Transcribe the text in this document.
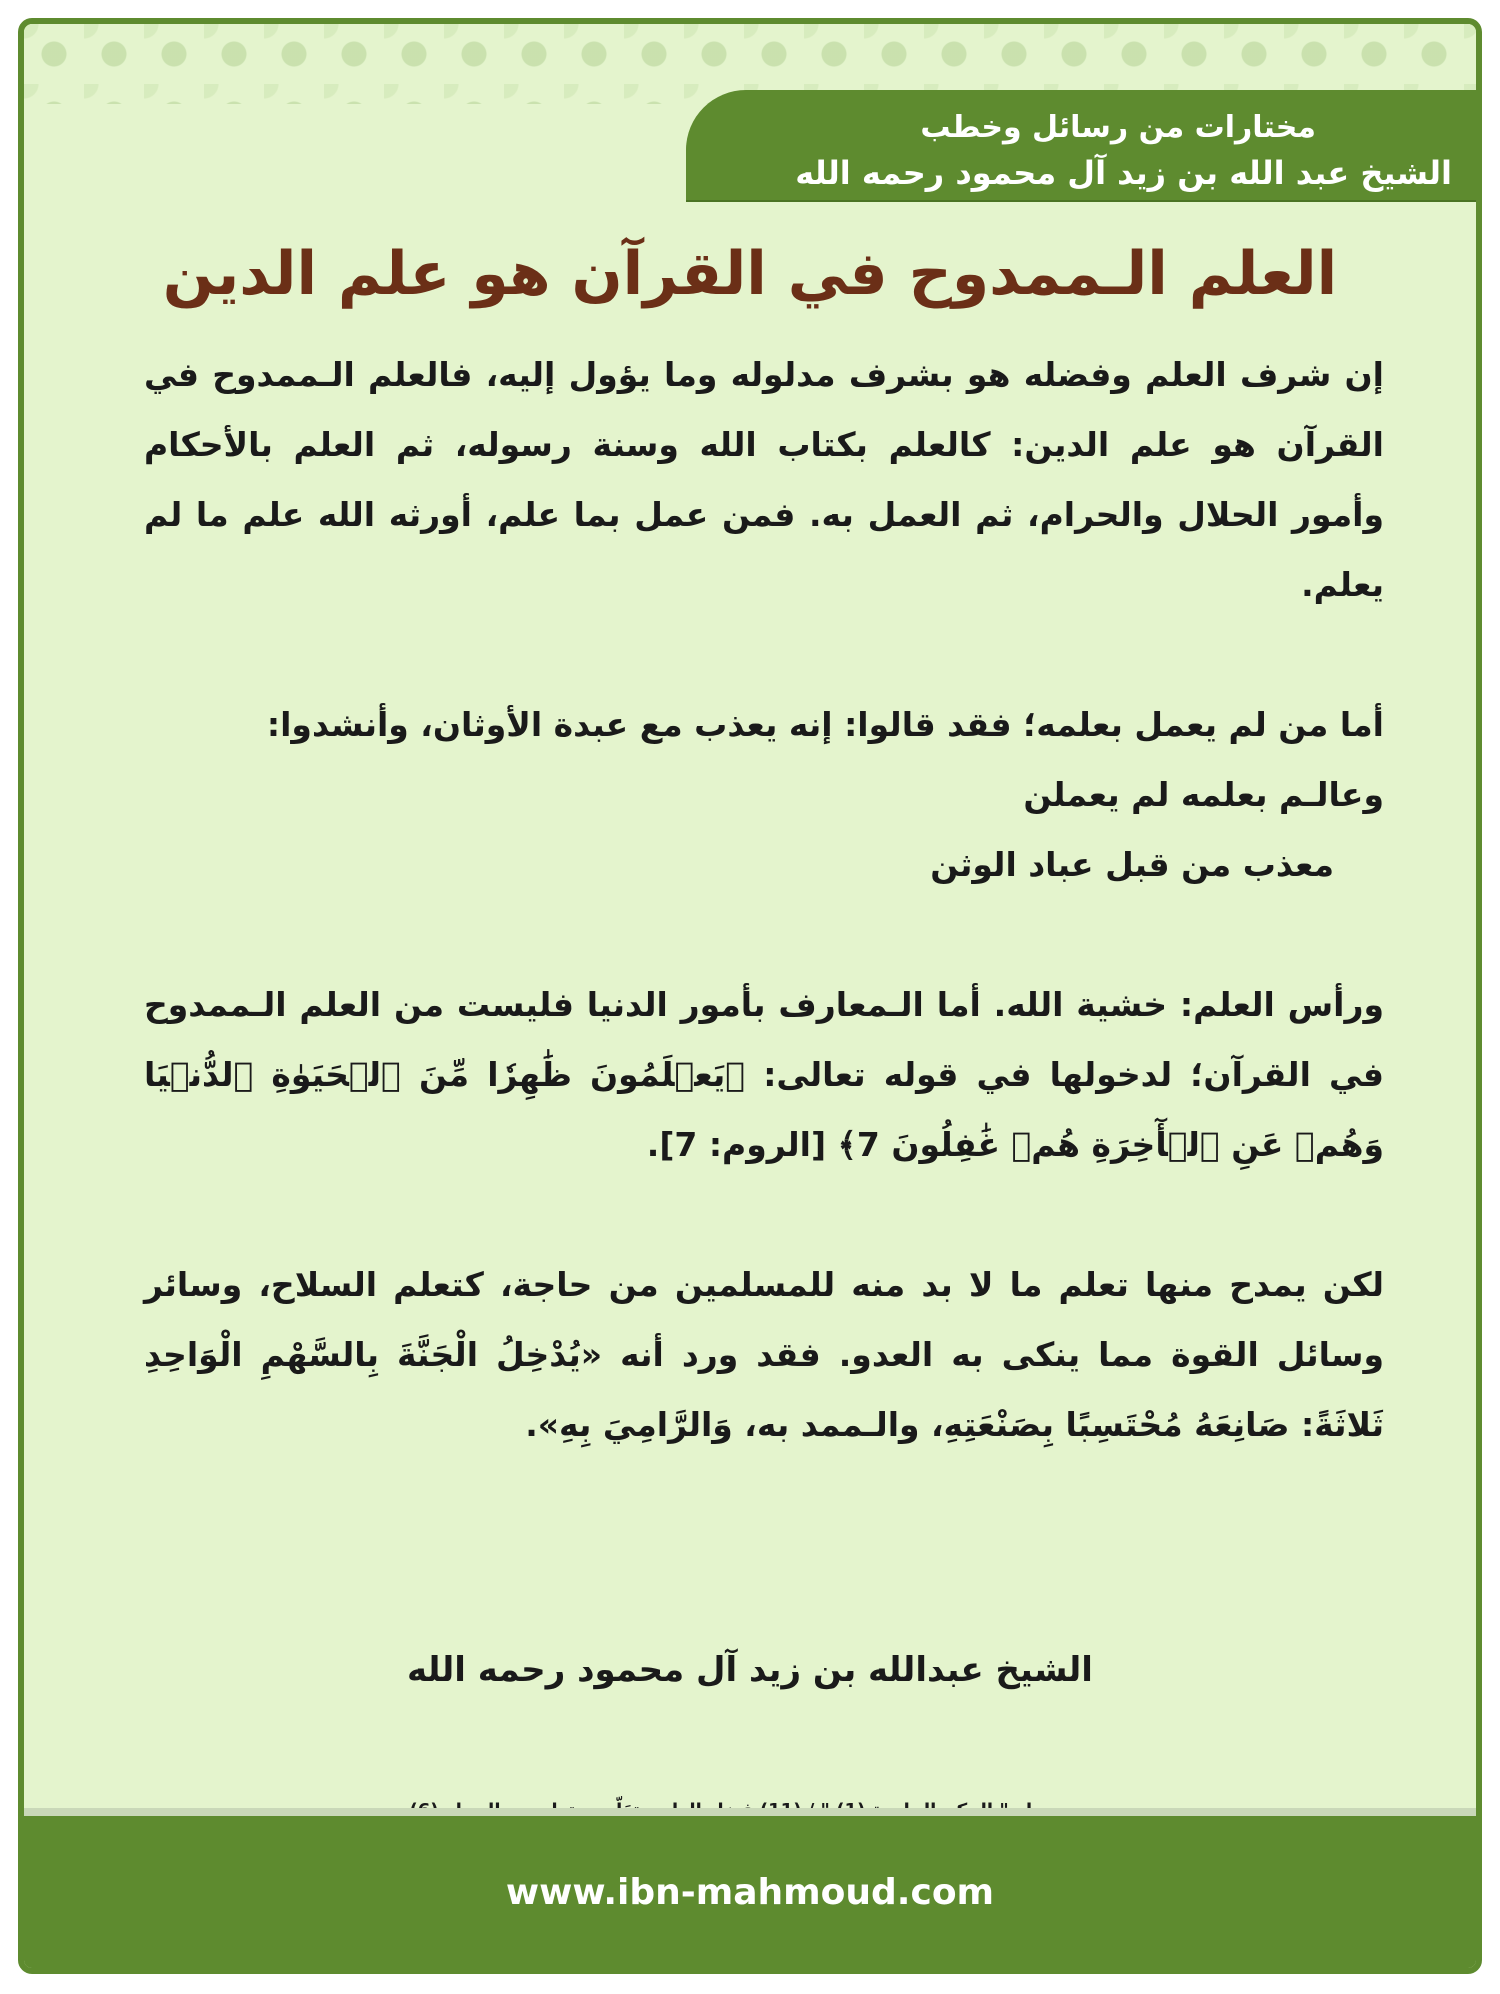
مختارات من رسائل وخطب
الشيخ عبد الله بن زيد آل محمود رحمه الله
العلم الـممدوح في القرآن هو علم الدين

إن شرف العلم وفضله هو بشرف مدلوله وما يؤول إليه، فالعلم الـممدوح في القرآن هو علم الدين: كالعلم بكتاب الله وسنة رسوله، ثم العلم بالأحكام وأمور الحلال والحرام، ثم العمل به. فمن عمل بما علم، أورثه الله علم ما لم يعلم.

أما من لم يعمل بعلمه؛ فقد قالوا: إنه يعذب مع عبدة الأوثان، وأنشدوا:

وعالـم بعلمه لم يعملن
معذب من قبل عباد الوثن

ورأس العلم: خشية الله. أما الـمعارف بأمور الدنيا فليست من العلم الـممدوح في القرآن؛ لدخولها في قوله تعالى: ﴿يَعۡلَمُونَ ظَٰهِرٗا مِّنَ ٱلۡحَيَوٰةِ ٱلدُّنۡيَا وَهُمۡ عَنِ ٱلۡأٓخِرَةِ هُمۡ غَٰفِلُونَ 7﴾ [الروم: 7].

لكن يمدح منها تعلم ما لا بد منه للمسلمين من حاجة، كتعلم السلاح، وسائر وسائل القوة مما ينكى به العدو. فقد ورد أنه «يُدْخِلُ الْجَنَّةَ بِالسَّهْمِ الْوَاحِدِ ثَلاثَةً: صَانِعَهُ مُحْتَسِبًا بِصَنْعَتِهِ، والـممد به، وَالرَّامِيَ بِهِ».

الشيخ عبدالله بن زيد آل محمود رحمه الله
www.ibn-mahmoud.com
